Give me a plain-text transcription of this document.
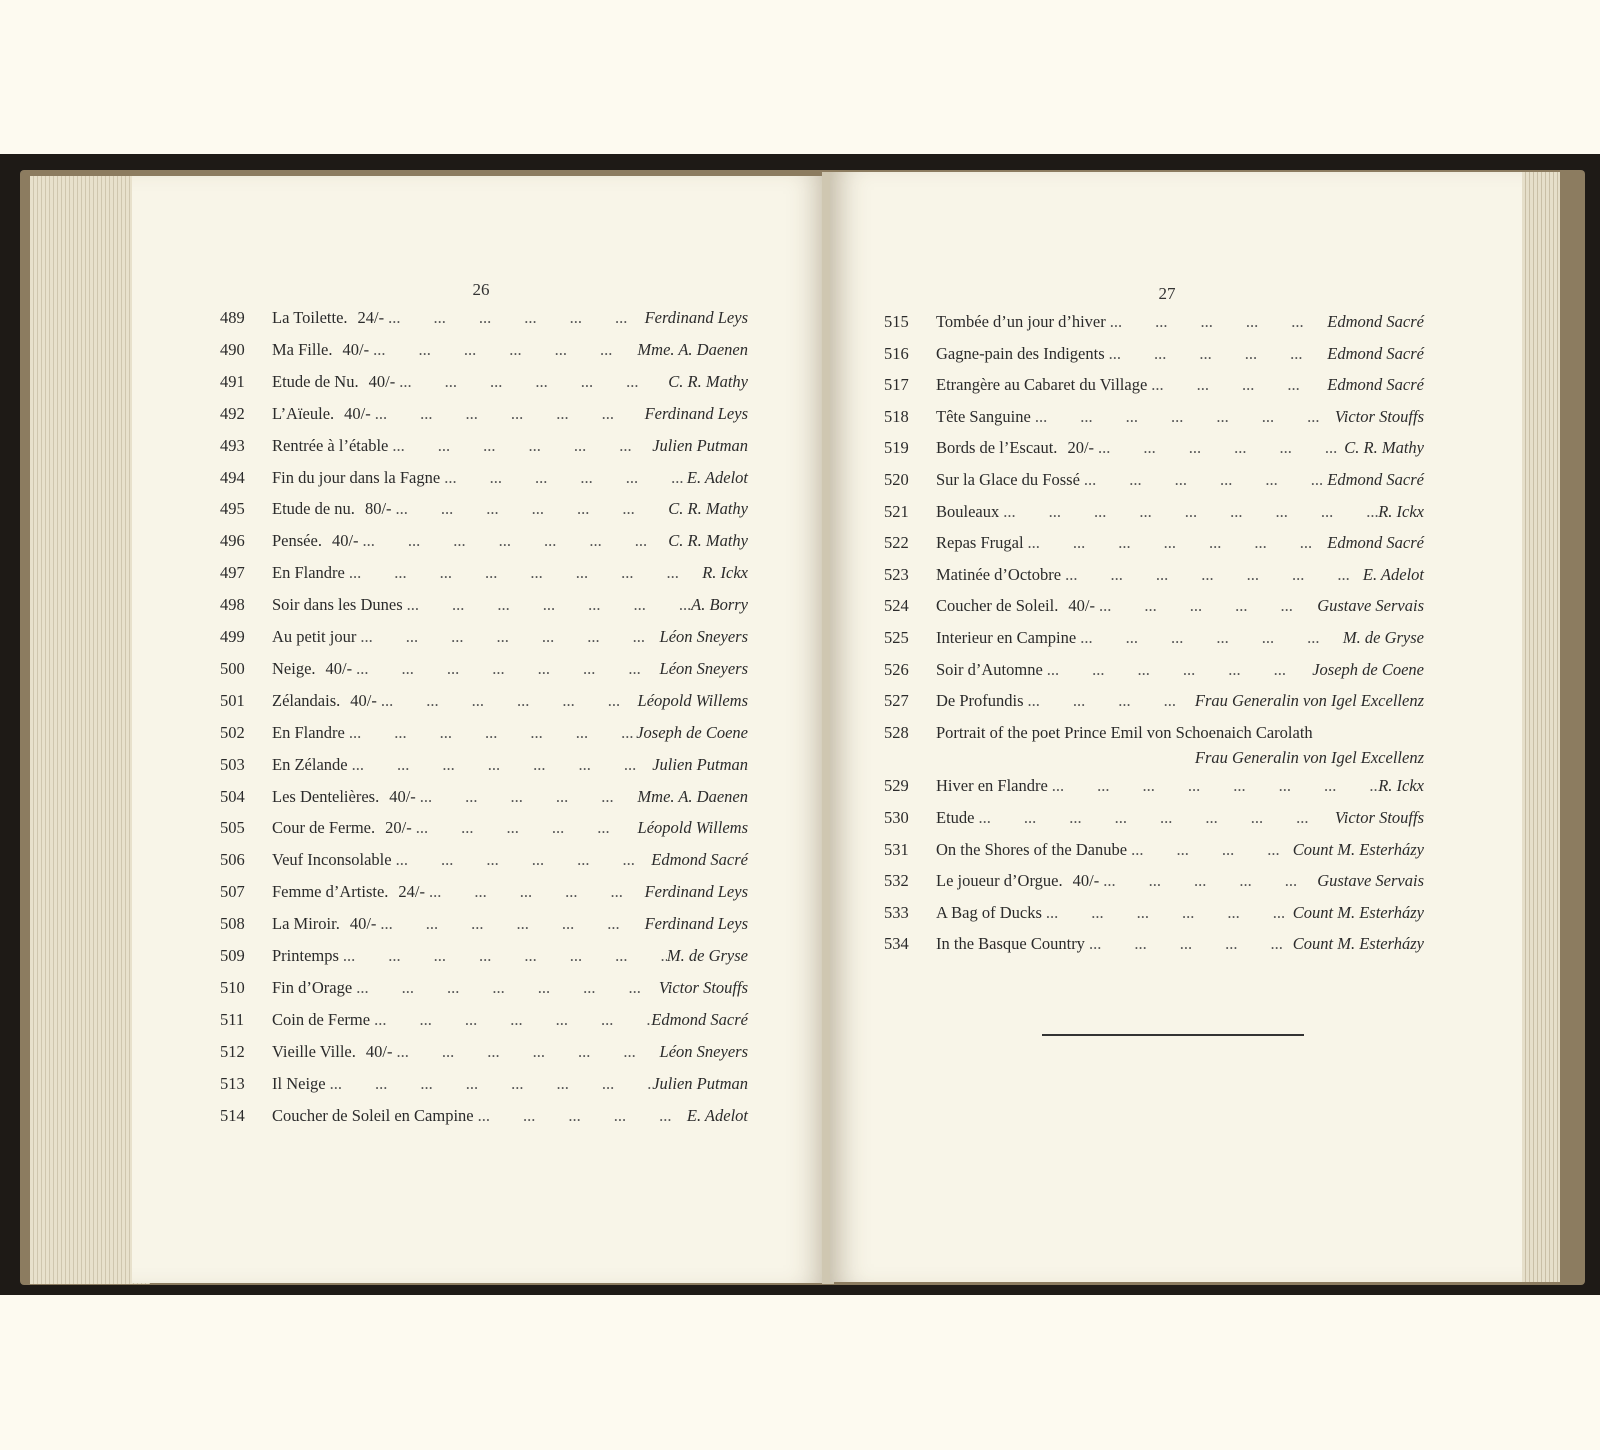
26
489	La Toilette. 24/- ...	Ferdinand Leys
490	Ma Fille. 40/- ...	Mme. A. Daenen
491	Etude de Nu. 40/- ...	C. R. Mathy
492	L’Aïeule. 40/- ...	Ferdinand Leys
493	Rentrée à l’étable ...	Julien Putman
494	Fin du jour dans la Fagne ...	E. Adelot
495	Etude de nu. 80/- ...	C. R. Mathy
496	Pensée. 40/- ...	C. R. Mathy
497	En Flandre ...	R. Ickx
498	Soir dans les Dunes ...	A. Borry
499	Au petit jour ...	Léon Sneyers
500	Neige. 40/- ...	Léon Sneyers
501	Zélandais. 40/- ...	Léopold Willems
502	En Flandre ...	Joseph de Coene
503	En Zélande ...	Julien Putman
504	Les Dentelières. 40/- ...	Mme. A. Daenen
505	Cour de Ferme. 20/- ...	Léopold Willems
506	Veuf Inconsolable ...	Edmond Sacré
507	Femme d’Artiste. 24/- ...	Ferdinand Leys
508	La Miroir. 40/- ...	Ferdinand Leys
509	Printemps ...	M. de Gryse
510	Fin d’Orage ...	Victor Stouffs
511	Coin de Ferme ...	Edmond Sacré
512	Vieille Ville. 40/- ...	Léon Sneyers
513	Il Neige ...	Julien Putman
514	Coucher de Soleil en Campine ...	E. Adelot
27
515	Tombée d’un jour d’hiver ...	Edmond Sacré
516	Gagne-pain des Indigents ...	Edmond Sacré
517	Etrangère au Cabaret du Village ...	Edmond Sacré
518	Tête Sanguine ...	Victor Stouffs
519	Bords de l’Escaut. 20/- ...	C. R. Mathy
520	Sur la Glace du Fossé ...	Edmond Sacré
521	Bouleaux ...	R. Ickx
522	Repas Frugal ...	Edmond Sacré
523	Matinée d’Octobre ...	E. Adelot
524	Coucher de Soleil. 40/- ...	Gustave Servais
525	Interieur en Campine ...	M. de Gryse
526	Soir d’Automne ...	Joseph de Coene
527	De Profundis ...	Frau Generalin von Igel Excellenz
528	Portrait of the poet Prince Emil von Schoenaich Carolath
Frau Generalin von Igel Excellenz
529	Hiver en Flandre ...	R. Ickx
530	Etude ...	Victor Stouffs
531	On the Shores of the Danube ...	Count M. Esterházy
532	Le joueur d’Orgue. 40/- ...	Gustave Servais
533	A Bag of Ducks ...	Count M. Esterházy
534	In the Basque Country ...	Count M. Esterházy
